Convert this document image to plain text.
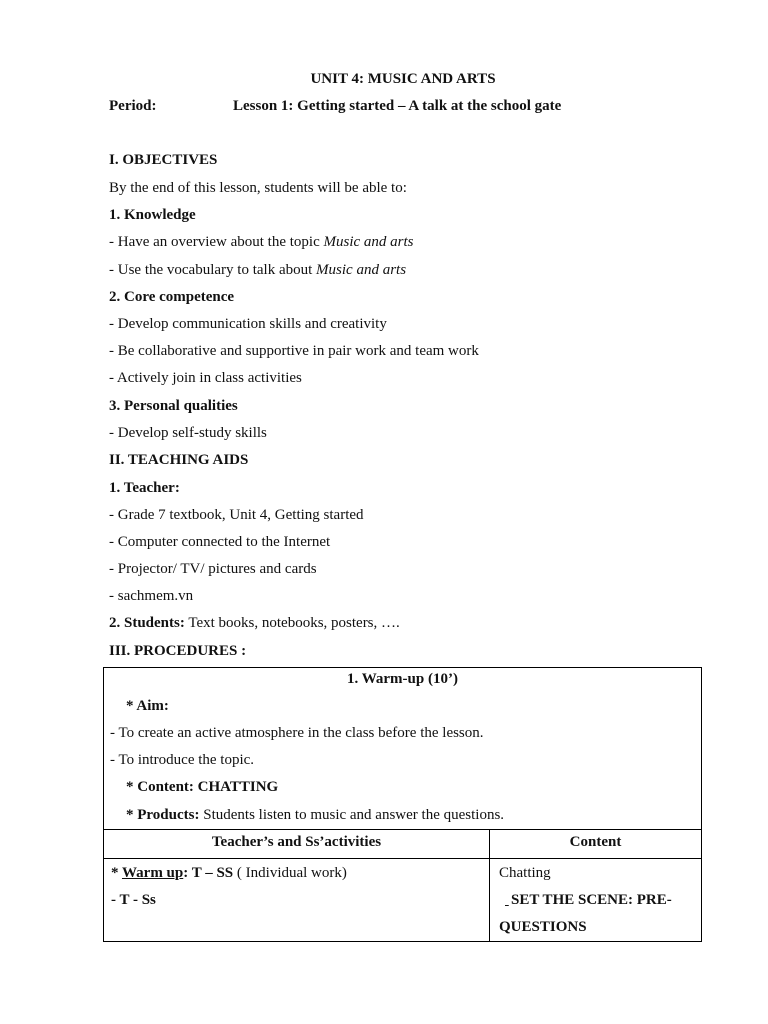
UNIT 4: MUSIC AND ARTS
Period:	Lesson 1: Getting started – A talk at the school gate
I. OBJECTIVES
By the end of this lesson, students will be able to:
1. Knowledge
- Have an overview about the topic Music and arts
- Use the vocabulary to talk about Music and arts
2. Core competence
- Develop communication skills and creativity
- Be collaborative and supportive in pair work and team work
- Actively join in class activities
3. Personal qualities
- Develop self-study skills
II. TEACHING AIDS
1. Teacher:
- Grade 7 textbook, Unit 4, Getting started
- Computer connected to the Internet
- Projector/ TV/ pictures and cards
- sachmem.vn
2. Students: Text books, notebooks, posters, ….
III. PROCEDURES :
1. Warm-up (10’)
* Aim:
- To create an active atmosphere in the class before the lesson.
- To introduce the topic.
* Content: CHATTING
* Products: Students listen to music and answer the questions.
Teacher’s and Ss’activities	Content
* Warm up: T – SS ( Individual work)
- T - Ss
Chatting
SET THE SCENE: PRE-
QUESTIONS
